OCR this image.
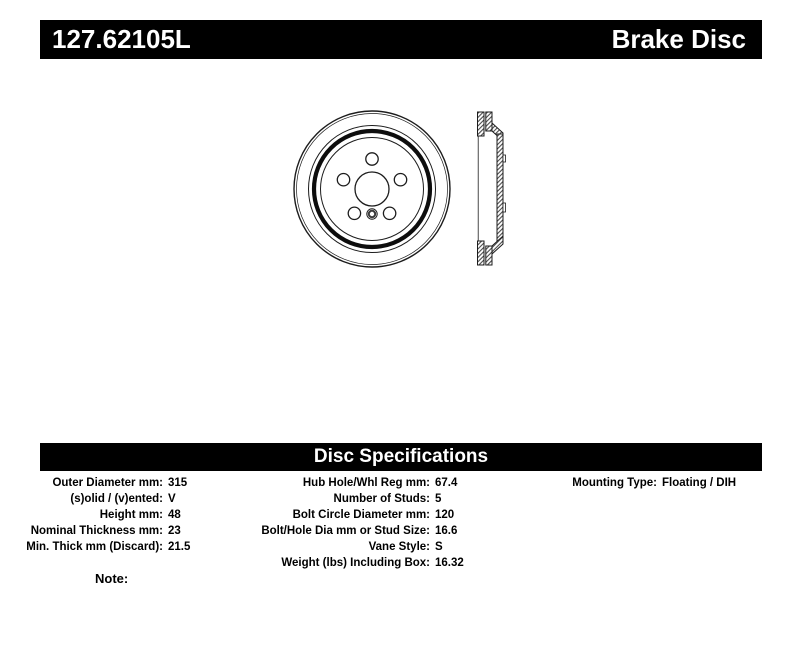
127.62105L	Brake Disc
Disc Specifications
Outer Diameter mm: 315
(s)olid / (v)ented: V
Height mm: 48
Nominal Thickness mm: 23
Min. Thick mm (Discard): 21.5
Hub Hole/Whl Reg mm: 67.4
Number of Studs: 5
Bolt Circle Diameter mm: 120
Bolt/Hole Dia mm or Stud Size: 16.6
Vane Style: S
Weight (lbs) Including Box: 16.32
Mounting Type: Floating / DIH
Note:
